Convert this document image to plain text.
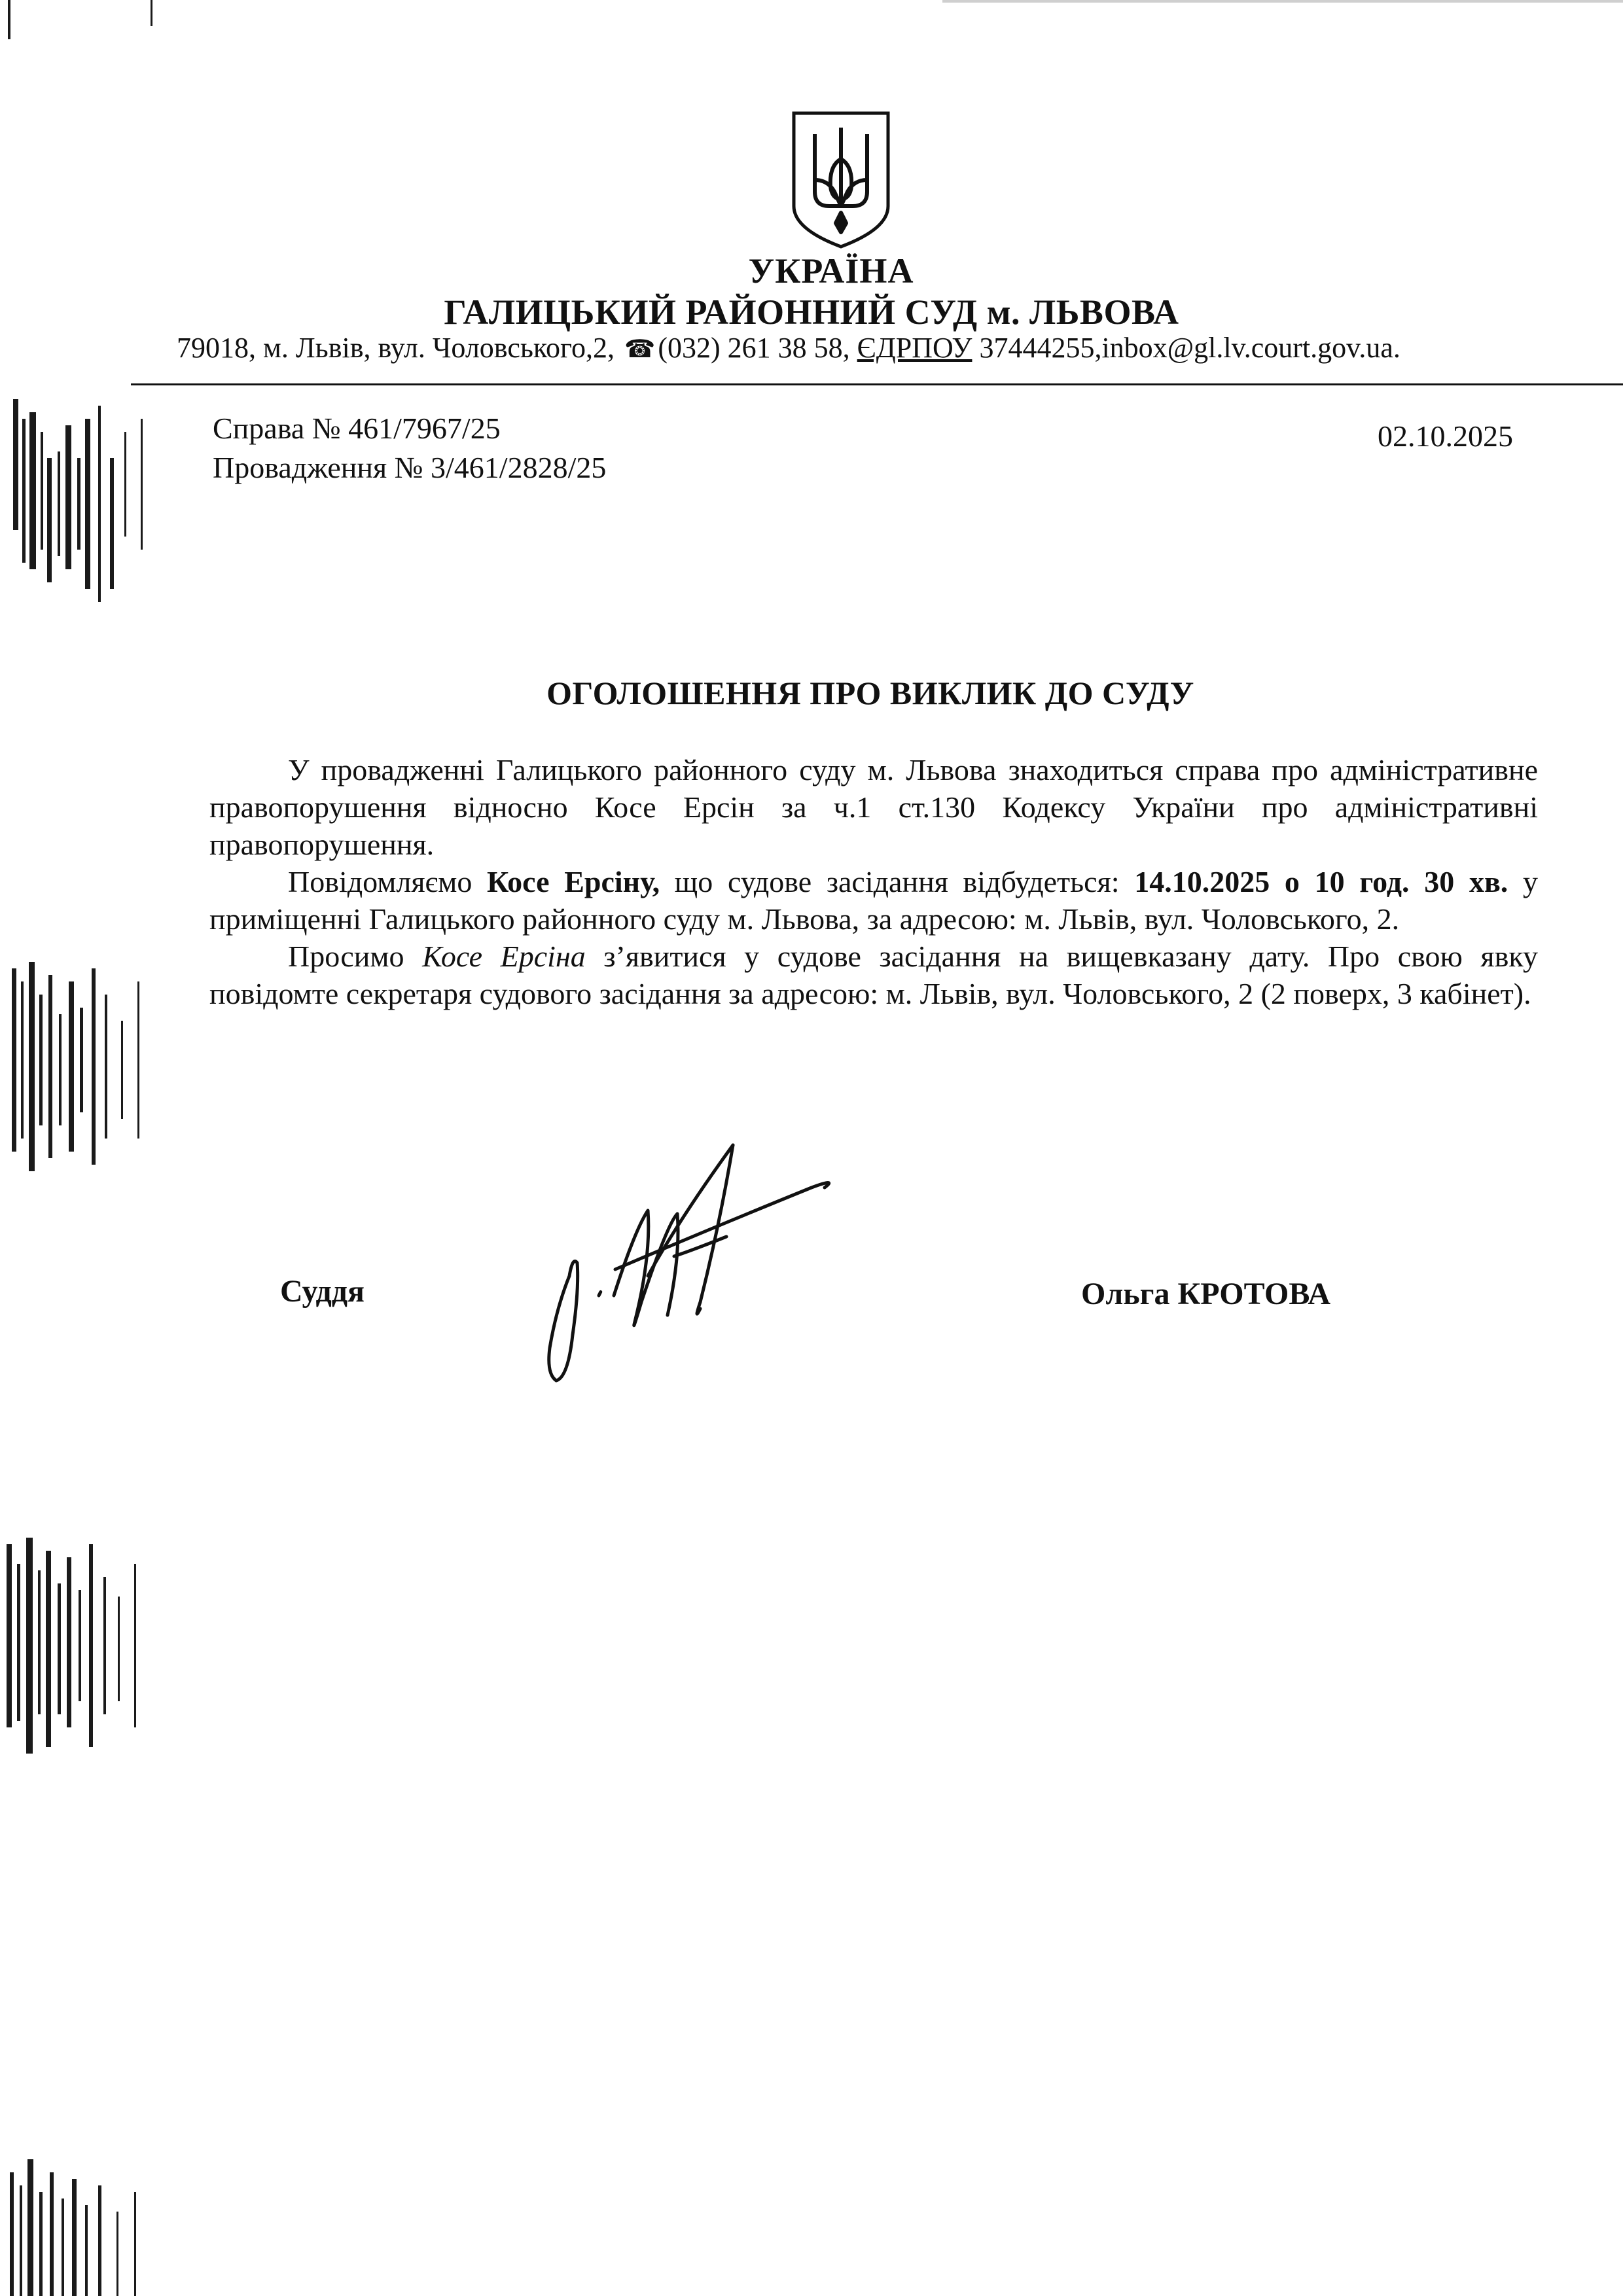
УКРАЇНА
ГАЛИЦЬКИЙ РАЙОННИЙ СУД м. ЛЬВОВА
79018, м. Львів, вул. Чоловського,2, ☎(032) 261 38 58, ЄДРПОУ 37444255,inbox@gl.lv.court.gov.ua.
Справа № 461/7967/25
Провадження № 3/461/2828/25
02.10.2025
ОГОЛОШЕННЯ ПРО ВИКЛИК ДО СУДУ

У провадженні Галицького районного суду м. Львова знаходиться справа про адміністративне правопорушення відносно Косе Ерсін за ч.1 ст.130 Кодексу України про адміністративні правопорушення.

Повідомляємо Косе Ерсіну, що судове засідання відбудеться: 14.10.2025 о 10 год. 30 хв. у приміщенні Галицького районного суду м. Львова, за адресою: м. Львів, вул. Чоловського, 2.

Просимо Косе Ерсіна з’явитися у судове засідання на вищевказану дату. Про свою явку повідомте секретаря судового засідання за адресою: м. Львів, вул. Чоловського, 2 (2 поверх, 3 кабінет).

Суддя	Ольга КРОТОВА
